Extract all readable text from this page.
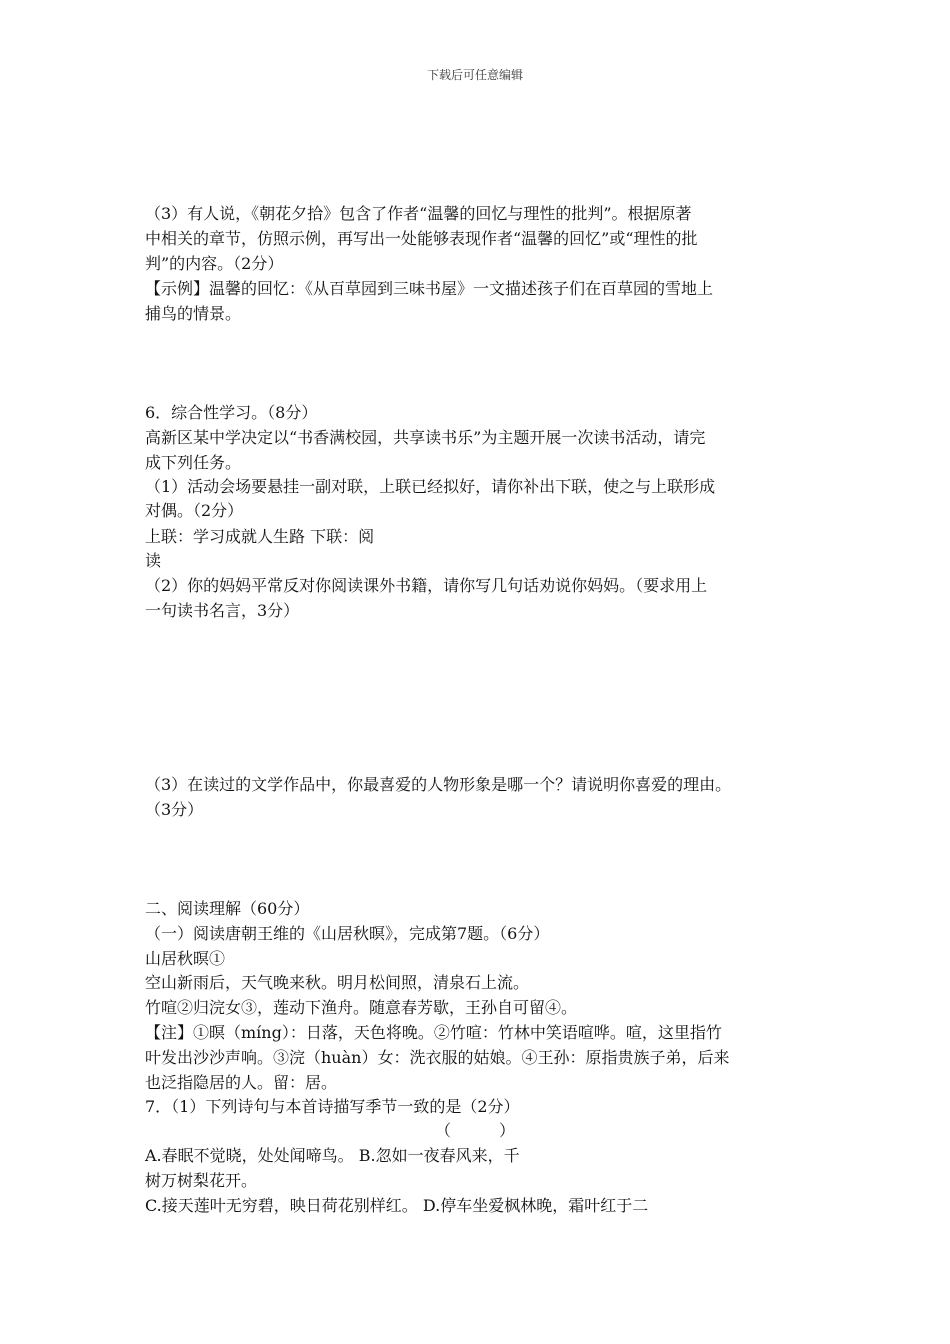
下载后可任意编辑
（3）有人说，《朝花夕拾》包含了作者“温馨的回忆与理性的批判”。根据原著
中相关的章节，仿照示例，再写出一处能够表现作者“温馨的回忆”或“理性的批
判”的内容。（2分）
【示例】温馨的回忆：《从百草园到三味书屋》一文描述孩子们在百草园的雪地上
捕鸟的情景。
6．综合性学习。（8分）
高新区某中学决定以“书香满校园，共享读书乐”为主题开展一次读书活动，请完
成下列任务。
（1）活动会场要悬挂一副对联，上联已经拟好，请你补出下联，使之与上联形成
对偶。（2分）
上联：学习成就人生路 下联：阅
读
（2）你的妈妈平常反对你阅读课外书籍，请你写几句话劝说你妈妈。（要求用上
一句读书名言，3分）
（3）在读过的文学作品中，你最喜爱的人物形象是哪一个？请说明你喜爱的理由。
（3分）
二、阅读理解（60分）
（一）阅读唐朝王维的《山居秋暝》，完成第7题。（6分）
山居秋暝①
空山新雨后，天气晚来秋。明月松间照，清泉石上流。
竹喧②归浣女③，莲动下渔舟。随意春芳歇，王孙自可留④。
【注】①暝（míng）：日落，天色将晚。②竹喧：竹林中笑语喧哗。喧，这里指竹
叶发出沙沙声响。③浣（huàn）女：洗衣服的姑娘。④王孙：原指贵族子弟，后来
也泛指隐居的人。留：居。
7．（1）下列诗句与本首诗描写季节一致的是（2分）
（　　　）
A.春眠不觉晓，处处闻啼鸟。 B.忽如一夜春风来，千
树万树梨花开。
C.接天莲叶无穷碧，映日荷花别样红。 D.停车坐爱枫林晚，霜叶红于二
